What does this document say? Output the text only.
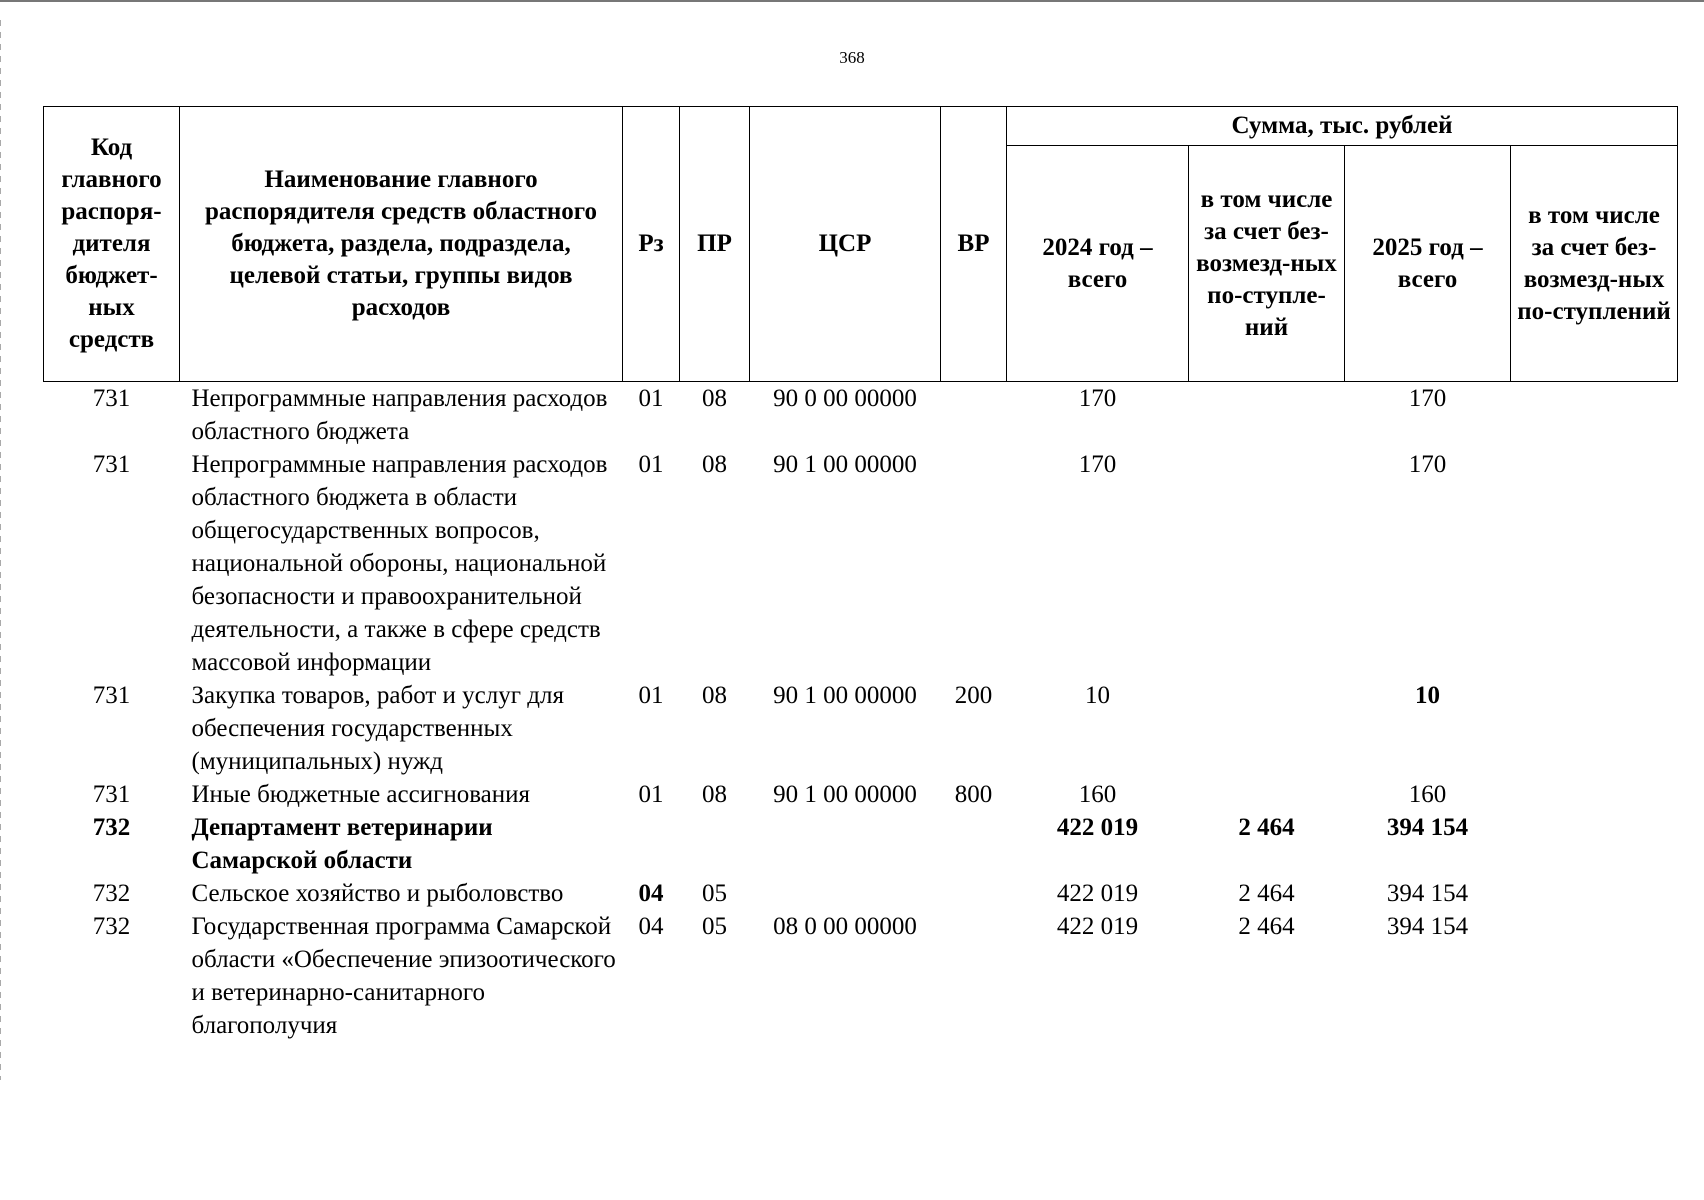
368
Код главного распоря-дителя бюджет-ных средств	Наименование главного распорядителя средств областного бюджета, раздела, подраздела, целевой статьи, группы видов расходов	Рз	ПР	ЦСР	ВР	Сумма, тыс. рублей			
						2024 год – всего	в том числе за счет без-возмезд-ных по-ступле-ний	2025 год – всего	в том числе за счет без-возмезд-ных по-ступлений
731	Непрограммные направления расходов областного бюджета	01	08	90 0 00 00000		170		170	
731	Непрограммные направления расходов областного бюджета в области общегосударственных вопросов, национальной обороны, национальной безопасности и правоохранительной деятельности, а также в сфере средств массовой информации	01	08	90 1 00 00000		170		170	
731	Закупка товаров, работ и услуг для обеспечения государственных (муниципальных) нужд	01	08	90 1 00 00000	200	10		10	
731	Иные бюджетные ассигнования	01	08	90 1 00 00000	800	160		160	
732	Департамент ветеринарии Самарской области					422 019	2 464	394 154	
732	Сельское хозяйство и рыболовство	04	05			422 019	2 464	394 154	
732	Государственная программа Самарской области «Обеспечение эпизоотического и ветеринарно-санитарного благополучия	04	05	08 0 00 00000		422 019	2 464	394 154	
